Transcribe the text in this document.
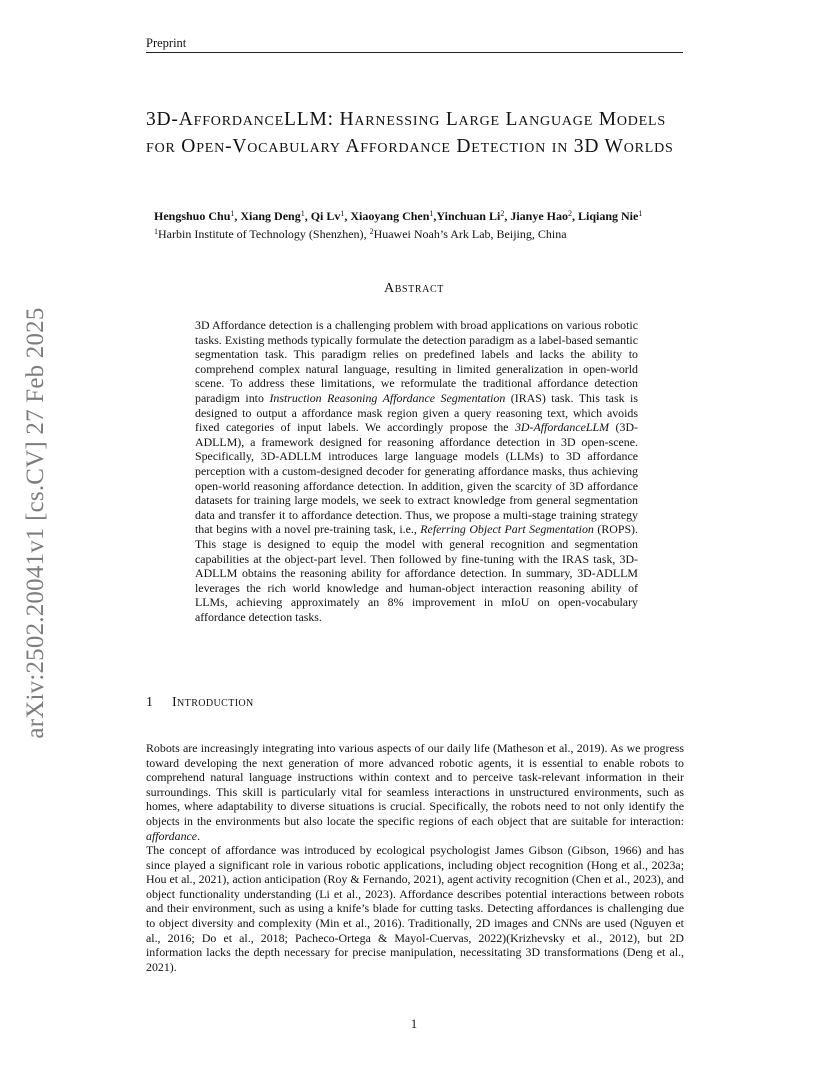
arXiv:2502.20041v1 [cs.CV] 27 Feb 2025
Preprint
3D-AffordanceLLM: Harnessing Large Language Models for Open-Vocabulary Affordance Detection in 3D Worlds
Hengshuo Chu$^1$, Xiang Deng$^1$, Qi Lv$^1$, Xiaoyang Chen$^1$,Yinchuan Li$^2$, Jianye Hao$^2$, Liqiang Nie$^1$
$^1$Harbin Institute of Technology (Shenzhen), $^2$Huawei Noah’s Ark Lab, Beijing, China
Abstract

3D Affordance detection is a challenging problem with broad applications on various robotic tasks. Existing methods typically formulate the detection paradigm as a label-based semantic segmentation task. This paradigm relies on predefined labels and lacks the ability to comprehend complex natural language, resulting in limited generalization in open-world scene. To address these limitations, we reformulate the traditional affordance detection paradigm into Instruction Reasoning Affordance Segmentation (IRAS) task. This task is designed to output a affordance mask region given a query reasoning text, which avoids fixed categories of input labels. We accordingly propose the 3D-AffordanceLLM (3D-ADLLM), a framework designed for reasoning affordance detection in 3D open-scene. Specifically, 3D-ADLLM introduces large language models (LLMs) to 3D affordance perception with a custom-designed decoder for generating affordance masks, thus achieving open-world reasoning affordance detection. In addition, given the scarcity of 3D affordance datasets for training large models, we seek to extract knowledge from general segmentation data and transfer it to affordance detection. Thus, we propose a multi-stage training strategy that begins with a novel pre-training task, i.e., Referring Object Part Segmentation (ROPS). This stage is designed to equip the model with general recognition and segmentation capabilities at the object-part level. Then followed by fine-tuning with the IRAS task, 3D-ADLLM obtains the reasoning ability for affordance detection. In summary, 3D-ADLLM leverages the rich world knowledge and human-object interaction reasoning ability of LLMs, achieving approximately an 8% improvement in mIoU on open-vocabulary affordance detection tasks.

1 Introduction

Robots are increasingly integrating into various aspects of our daily life (Matheson et al., 2019). As we progress toward developing the next generation of more advanced robotic agents, it is essential to enable robots to comprehend natural language instructions within context and to perceive task-relevant information in their surroundings. This skill is particularly vital for seamless interactions in unstructured environments, such as homes, where adaptability to diverse situations is crucial. Specifically, the robots need to not only identify the objects in the environments but also locate the specific regions of each object that are suitable for interaction: affordance.

The concept of affordance was introduced by ecological psychologist James Gibson (Gibson, 1966) and has since played a significant role in various robotic applications, including object recognition (Hong et al., 2023a; Hou et al., 2021), action anticipation (Roy & Fernando, 2021), agent activity recognition (Chen et al., 2023), and object functionality understanding (Li et al., 2023). Affordance describes potential interactions between robots and their environment, such as using a knife’s blade for cutting tasks. Detecting affordances is challenging due to object diversity and complexity (Min et al., 2016). Traditionally, 2D images and CNNs are used (Nguyen et al., 2016; Do et al., 2018; Pacheco-Ortega & Mayol-Cuervas, 2022)(Krizhevsky et al., 2012), but 2D information lacks the depth necessary for precise manipulation, necessitating 3D transformations (Deng et al., 2021).

1
